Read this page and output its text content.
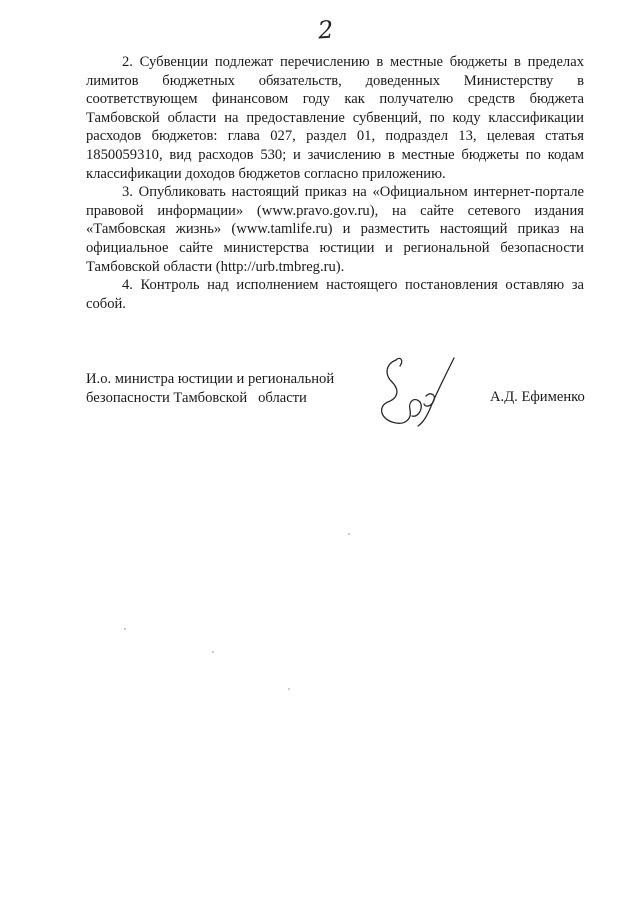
2

2. Субвенции подлежат перечислению в местные бюджеты в пределах лимитов бюджетных обязательств, доведенных Министерству в соответствующем финансовом году как получателю средств бюджета Тамбовской области на предоставление субвенций, по коду классификации расходов бюджетов: глава 027, раздел 01, подраздел 13, целевая статья 1850059310, вид расходов 530; и зачислению в местные бюджеты по кодам классификации доходов бюджетов согласно приложению.

3. Опубликовать настоящий приказ на «Официальном интернет-портале правовой информации» (www.pravo.gov.ru), на сайте сетевого издания «Тамбовская жизнь» (www.tamlife.ru) и разместить настоящий приказ на официальное сайте министерства юстиции и региональной безопасности Тамбовской области (http://urb.tmbreg.ru).

4. Контроль над исполнением настоящего постановления оставляю за собой.

И.о. министра юстиции и региональной
безопасности Тамбовской   области	А.Д. Ефименко
